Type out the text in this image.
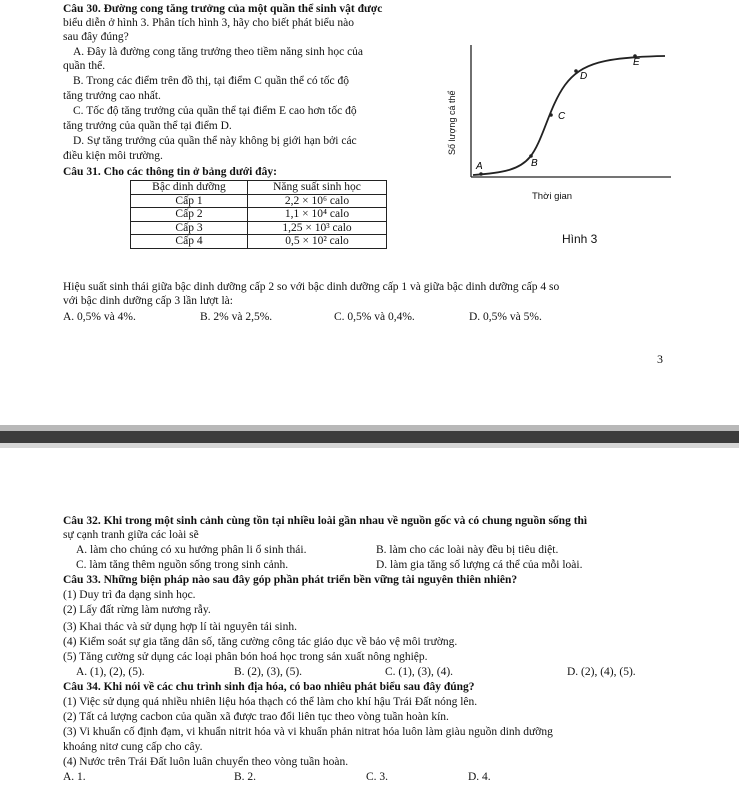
Câu 30. Đường cong tăng trưởng của một quần thể sinh vật được
biểu diễn ở hình 3. Phân tích hình 3, hãy cho biết phát biểu nào
sau đây đúng?
A. Đây là đường cong tăng trưởng theo tiềm năng sinh học của
quần thể.
B. Trong các điểm trên đồ thị, tại điểm C quần thể có tốc độ
tăng trưởng cao nhất.
C. Tốc độ tăng trưởng của quần thể tại điểm E cao hơn tốc độ
tăng trưởng của quần thể tại điểm D.
D. Sự tăng trưởng của quần thể này không bị giới hạn bởi các
điều kiện môi trường.
Câu 31. Cho các thông tin ở bảng dưới đây:
Bậc dinh dưỡng	Năng suất sinh học
Cấp 1	2,2 × 10⁶ calo
Cấp 2	1,1 × 10⁴ calo
Cấp 3	1,25 × 10³ calo
Cấp 4	0,5 × 10² calo
Số lượng cá thể
A	B
C
D
E
Thời gian
Hình 3
Hiệu suất sinh thái giữa bậc dinh dưỡng cấp 2 so với bậc dinh dưỡng cấp 1 và giữa bậc dinh dưỡng cấp 4 so
với bậc dinh dưỡng cấp 3 lần lượt là:
A. 0,5% và 4%.	B. 2% và 2,5%.	C. 0,5% và 0,4%.	D. 0,5% và 5%.
3
Câu 32. Khi trong một sinh cảnh cùng tồn tại nhiều loài gần nhau về nguồn gốc và có chung nguồn sống thì
sự cạnh tranh giữa các loài sẽ
A. làm cho chúng có xu hướng phân li ổ sinh thái.	B. làm cho các loài này đều bị tiêu diệt.
C. làm tăng thêm nguồn sống trong sinh cảnh.	D. làm gia tăng số lượng cá thể của mỗi loài.
Câu 33. Những biện pháp nào sau đây góp phần phát triển bền vững tài nguyên thiên nhiên?
(1) Duy trì đa dạng sinh học.
(2) Lấy đất rừng làm nương rẫy.
(3) Khai thác và sử dụng hợp lí tài nguyên tái sinh.
(4) Kiểm soát sự gia tăng dân số, tăng cường công tác giáo dục về bảo vệ môi trường.
(5) Tăng cường sử dụng các loại phân bón hoá học trong sản xuất nông nghiệp.
A. (1), (2), (5).	B. (2), (3), (5).	C. (1), (3), (4).	D. (2), (4), (5).
Câu 34. Khi nói về các chu trình sinh địa hóa, có bao nhiêu phát biểu sau đây đúng?
(1) Việc sử dụng quá nhiều nhiên liệu hóa thạch có thể làm cho khí hậu Trái Đất nóng lên.
(2) Tất cả lượng cacbon của quần xã được trao đổi liên tục theo vòng tuần hoàn kín.
(3) Vi khuẩn cố định đạm, vi khuẩn nitrit hóa và vi khuẩn phản nitrat hóa luôn làm giàu nguồn dinh dưỡng
khoáng nitơ cung cấp cho cây.
(4) Nước trên Trái Đất luôn luân chuyển theo vòng tuần hoàn.
A. 1.	B. 2.	C. 3.	D. 4.
